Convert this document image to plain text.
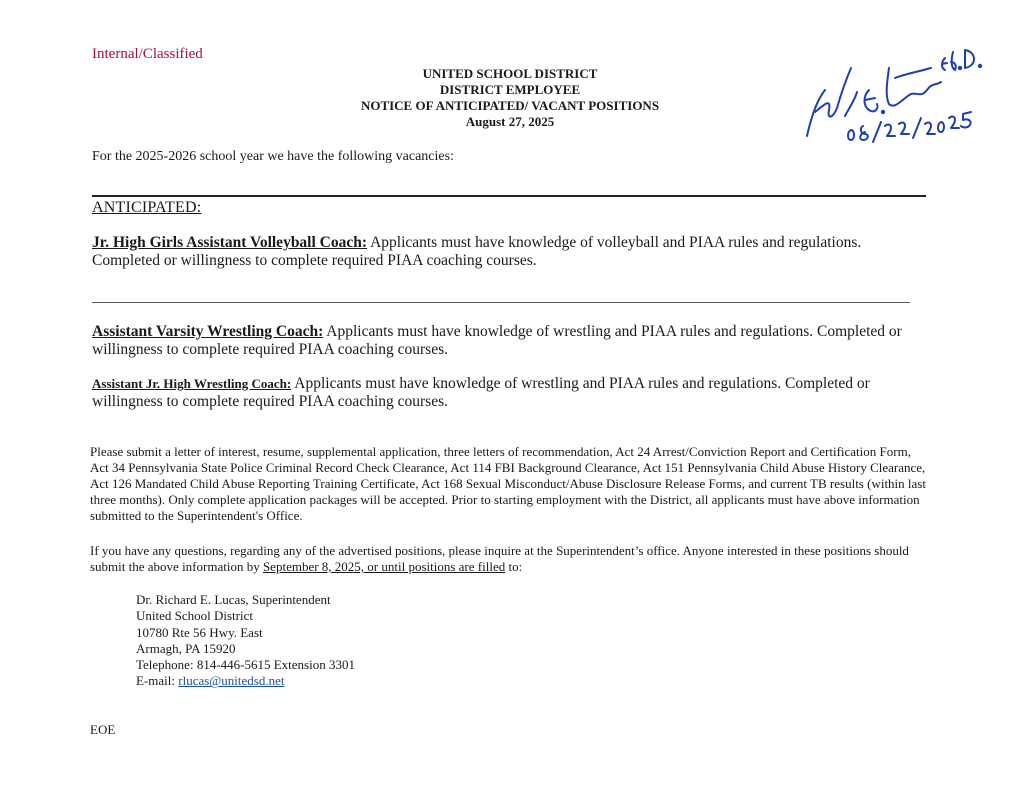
Internal/Classified
UNITED SCHOOL DISTRICT
DISTRICT EMPLOYEE
NOTICE OF ANTICIPATED/ VACANT POSITIONS
August 27, 2025
For the 2025-2026 school year we have the following vacancies:
ANTICIPATED:
Jr. High Girls Assistant Volleyball Coach: Applicants must have knowledge of volleyball and PIAA rules and regulations. Completed or willingness to complete required PIAA coaching courses.
Assistant Varsity Wrestling Coach: Applicants must have knowledge of wrestling and PIAA rules and regulations. Completed or willingness to complete required PIAA coaching courses.
Assistant Jr. High Wrestling Coach: Applicants must have knowledge of wrestling and PIAA rules and regulations. Completed or willingness to complete required PIAA coaching courses.
Please submit a letter of interest, resume, supplemental application, three letters of recommendation, Act 24 Arrest/Conviction Report and Certification Form, Act 34 Pennsylvania State Police Criminal Record Check Clearance, Act 114 FBI Background Clearance, Act 151 Pennsylvania Child Abuse History Clearance, Act 126 Mandated Child Abuse Reporting Training Certificate, Act 168 Sexual Misconduct/Abuse Disclosure Release Forms, and current TB results (within last three months). Only complete application packages will be accepted. Prior to starting employment with the District, all applicants must have above information submitted to the Superintendent's Office.
If you have any questions, regarding any of the advertised positions, please inquire at the Superintendent’s office. Anyone interested in these positions should submit the above information by September 8, 2025, or until positions are filled to:
Dr. Richard E. Lucas, Superintendent
United School District
10780 Rte 56 Hwy. East
Armagh, PA 15920
Telephone: 814-446-5615 Extension 3301
E-mail: rlucas@unitedsd.net
EOE
